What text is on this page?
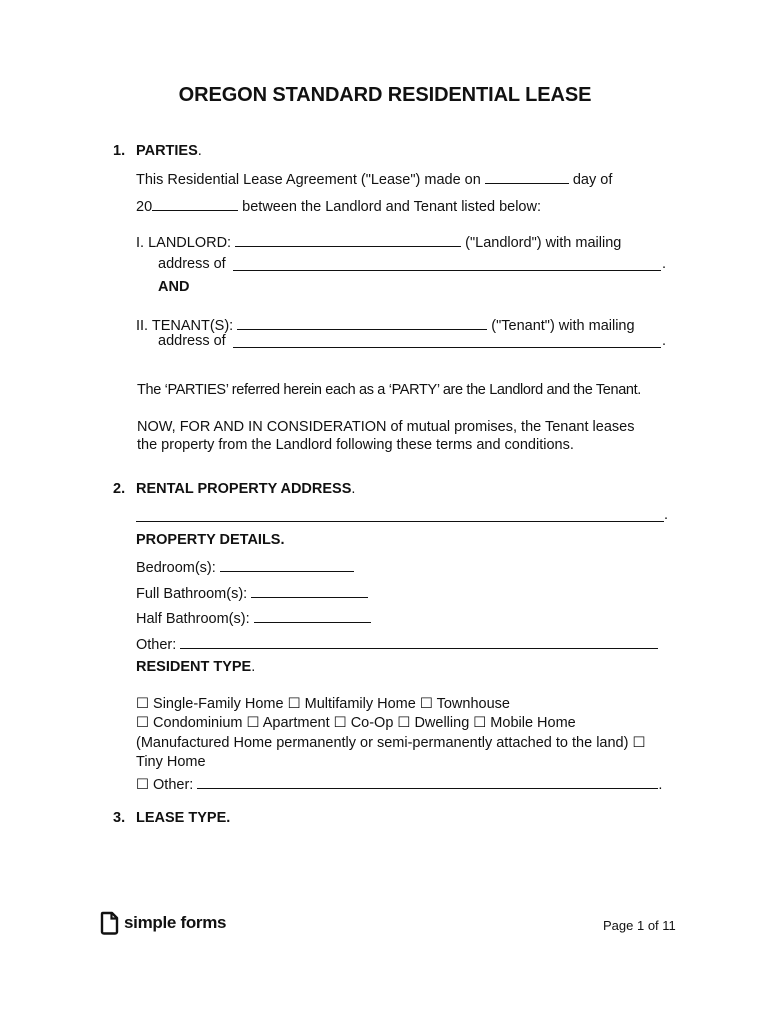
OREGON STANDARD RESIDENTIAL LEASE
1. PARTIES.
This Residential Lease Agreement ("Lease") made on	day of
20	between the Landlord and Tenant listed below:
I. LANDLORD:	("Landlord") with mailing
address of	.
AND
II. TENANT(S):	("Tenant") with mailing
address of	.
The ‘PARTIES’ referred herein each as a ‘PARTY’ are the Landlord and the Tenant.
NOW, FOR AND IN CONSIDERATION of mutual promises, the Tenant leases
the property from the Landlord following these terms and conditions.
2. RENTAL PROPERTY ADDRESS.
.
PROPERTY DETAILS.
Bedroom(s):
Full Bathroom(s):
Half Bathroom(s):
Other:
RESIDENT TYPE.
☐ Single-Family Home ☐ Multifamily Home ☐ Townhouse
☐ Condominium ☐ Apartment ☐ Co-Op ☐ Dwelling ☐ Mobile Home
(Manufactured Home permanently or semi-permanently attached to the land) ☐
Tiny Home
☐ Other:	.
3. LEASE TYPE.
simple forms	Page 1 of 11
